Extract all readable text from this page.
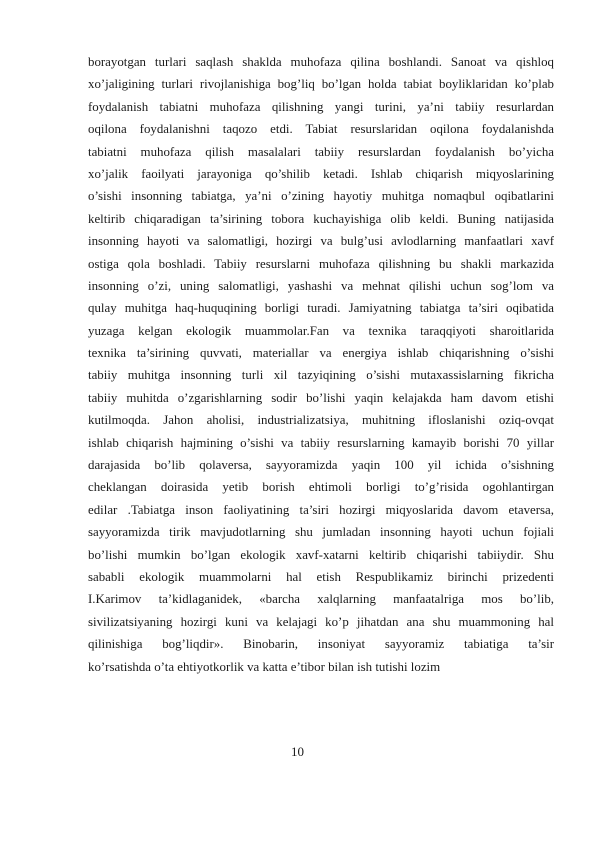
borayotgan turlari saqlash shaklda muhofaza qilina boshlandi. Sanoat va qishloq
xo’jaligining turlari rivojlanishiga bog’liq bo’lgan holda tabiat boyliklaridan ko’plab
foydalanish tabiatni muhofaza qilishning yangi turini, ya’ni tabiiy resurlardan
oqilona foydalanishni taqozo etdi. Tabiat resurslaridan oqilona foydalanishda
tabiatni muhofaza qilish masalalari tabiiy resurslardan foydalanish bo’yicha
xo’jalik faoilyati jarayoniga qo’shilib ketadi. Ishlab chiqarish miqyoslarining
o’sishi insonning tabiatga, ya’ni o’zining hayotiy muhitga nomaqbul oqibatlarini
keltirib chiqaradigan ta’sirining tobora kuchayishiga olib keldi. Buning natijasida
insonning hayoti va salomatligi, hozirgi va bulg’usi avlodlarning manfaatlari xavf
ostiga qola boshladi. Tabiiy resurslarni muhofaza qilishning bu shakli markazida
insonning o’zi, uning salomatligi, yashashi va mehnat qilishi uchun sog’lom va
qulay muhitga haq-huquqining borligi turadi. Jamiyatning tabiatga ta’siri oqibatida
yuzaga kelgan ekologik muammolar.Fan va texnika taraqqiyoti sharoitlarida
texnika ta’sirining quvvati, materiallar va energiya ishlab chiqarishning o’sishi
tabiiy muhitga insonning turli xil tazyiqining o’sishi mutaxassislarning fikricha
tabiiy muhitda o’zgarishlarning sodir bo’lishi yaqin kelajakda ham davom etishi
kutilmoqda. Jahon aholisi, industrializatsiya, muhitning ifloslanishi oziq-ovqat
ishlab chiqarish hajmining o’sishi va tabiiy resurslarning kamayib borishi 70 yillar
darajasida bo’lib qolaversa, sayyoramizda yaqin 100 yil ichida o’sishning
cheklangan doirasida yetib borish ehtimoli borligi to’g’risida ogohlantirgan
edilar .Tabiatga inson faoliyatining ta’siri hozirgi miqyoslarida davom etaversa,
sayyoramizda tirik mavjudotlarning shu jumladan insonning hayoti uchun fojiali
bo’lishi mumkin bo’lgan ekologik xavf-xatarni keltirib chiqarishi tabiiydir. Shu
sababli ekologik muammolarni hal etish Respublikamiz birinchi prizedenti
I.Karimov ta’kidlaganidek, «barcha xalqlarning manfaatalriga mos bo’lib,
sivilizatsiyaning hozirgi kuni va kelajagi ko’p jihatdan ana shu muammoning hal
qilinishiga bog’liqdir». Binobarin, insoniyat sayyoramiz tabiatiga ta’sir
ko’rsatishda o’ta ehtiyotkorlik va katta e’tibor bilan ish tutishi lozim
10
